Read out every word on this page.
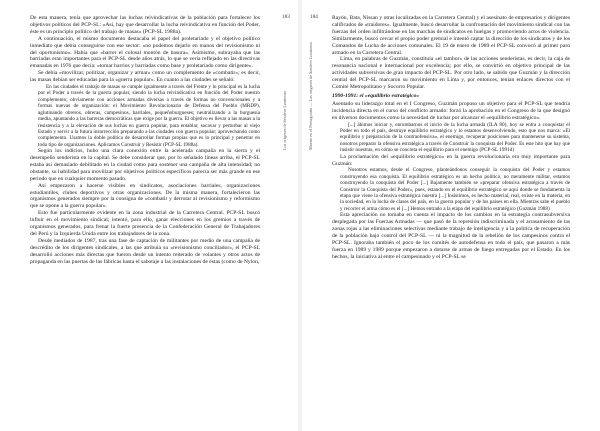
183
Los orígenes de Sendero Luminoso

De esta manera, tenía que aprovechar las luchas reivindicativas de la población para fortalecer los objetivos políticos del PCP-SL: «Así, hay que desarrollar la lucha reivindicativa en función del Poder, éste es un principio político del trabajo de masas» (PCP-SL 1988a).

A continuación, el mismo documento destacaba el papel del proletariado y el objetivo político inmediato que debía conseguirse con ese sector: «no podemos dejarlo en manos del revisionismo ni del oportunismo». Había que «barrer el colosal montón de basura». Asimismo, subrayaba que las barriadas eran importantes para el PCP-SL desde años atrás, lo que se vería reflejado en las directivas emanadas en 1976 que decía: «tomar barrios y barriadas como base y proletariado como dirigente».

Se debía «movilizar, politizar, organizar y armar» como un complemento de «combatir»; es decir, las masas debían ser educadas para la «guerra popular». En cuanto a las ciudades se señaló:

En las ciudades el trabajo de masas se cumple igualmente a través del Frente y lo principal es la lucha por el Poder a través de la guerra popular, siendo la lucha reivindicativa en función del Poder nuestro complemento; obviamente con acciones armadas diversas a través de formas no convencionales y a formas nuevas de organización: el Movimiento Revolucionario de Defensa del Pueblo (MRDP), aglutinando obreros, obreras, campesinos, barriales, pequeñoburgueses; neutralizando a la burguesía media, apuntando a las barreras democráticas que exige por la guerra. El objetivo es llevar a las masas a la resistencia y a la elevación de sus luchas en guerra popular, para entablar, socavar y perturbar al viejo Estado y servir a la futura insurrección preparando a las ciudades con guerra popular; aprovechando como complemento. Usamos la doble política de desarrollar formas propias que es lo principal y penetrar en todo tipo de organizaciones. Aplicamos Construir y Resistir (PCP-SL 1988a).

Según los indicios, hubo una clara conexión entre la acelerada campaña en la sierra y el desempeño senderista en la capital. Se debe considerar que, por lo señalado líneas arriba, el PCP-SL estaba así demasiado debilitado en la ciudad como para sostener una campaña de alta intensidad; no obstante, su habilidad para movilizar por objetivos políticos específicos parecía ser más grande en ese periodo que en cualquier momento pasado.

Así empezaron a hacerse visibles en sindicatos, asociaciones barriales, organizaciones estudiantiles, clubes deportivos y otras organizaciones. De la misma manera, fortalecieron las organismos generados siempre por la consigna de «combatir y derrotar al revisionismo y reformismo que se opone a la guerra popular».

Esto fue particularmente evidente en la zona industrial de la Carretera Central. PCP-SL buscó influir en el movimiento sindical; intentó, para ello, ganar elecciones en los gremios a través de organismos generados, para frenar la fuerte presencia de la Confederación General de Trabajadores del Perú y la Izquierda Unida entre los trabajadores de la zona.

Desde mediados de 1987, tras una fase de captación de militantes por medio de una campaña de descrédito de los dirigentes sindicales, a las que atribuía su «revisionismo conciliador», el PCP-SL desarrolló acciones más directas que fueron desde un intento reiterado de volantes y otros actos de propaganda en las puertas de las fábricas hasta el sabotaje a las instalaciones de éstas (como de Nylon,

184
Muerte en el Pentagonito — Los orígenes de Sendero Luminoso

Rayón, Bata, Nissan y otras localizadas en la Carretera Central) y el asesinato de empresarios y dirigentes calificados de «traidores». Igualmente, buscó desarrollar la confrontación del movimiento sindical con las fuerzas del orden infiltrándose en las marchas de sindicatos en huelgas y promoviendo actos de violencia. Similarmente, buscó cercar el propio poder gremial e intentó captar la dirección de los sindicatos y de los Comandos de Lucha de acciones comunales. El 19 de enero de 1989 el PCP-SL convocó al primer paro armado en la Carretera Central.

Lima, en palabras de Guzmán, constituía «el tambor» de las acciones senderistas, es decir, la caja de resonancia nacional e internacional por excelencia; por ello, se convirtió en objetivo principal de las actividades subversivas de gran impacto del PCP-SL. Por otro lado, se sabido que Guzmán y la dirección central del PCP-SL marcaron su movimiento en Lima y, por entonces, tenían enlaces directos con el Comité Metropolitano y Socorro Popular.

1990-1991: el «equilibrio estratégico»

Asentado su liderazgo total en el I Congreso, Guzmán propuso un objetivo para el PCP-SL que tendría incidencia directa en el curso del conflicto armado: forzó la aprobación en el Congreso de la que designó en diversos documentos como la necesidad de luchar por alcanzar el «equilibrio estratégico».

[...] ábimos iniciar y, enrumbarnos el inicio de la lucha armada (ILA 80), hoy se entra a conquistar el Poder en todo el país, destruye equilibrio estratégico y lo estamos desenvolviendo, esto que nos marca: «El equilibrio y preparación de la contraofensiva», el enemigo, recuperar posiciones para mantenerse su sistema, nosotros preparar la ofensiva estratégica a través de Construir la conquista del Poder. Es este hito que hay que insistir nuestras, en cómo se concreta el equilibrio para el enemigo (PCP-SL 1991d)

La proclamación del «equilibrio estratégico» en la guerra revolucionaria era muy importante para Guzmán:

Nosotros estamos, desde el Congreso, planteándonos conseguir la conquista del Poder y estamos construyendo esa conquista. El equilibrio estratégico es un hecho político, no meramente militar, estamos construyendo la conquista del Poder [...] Bajamente también se «preparar ofensiva estratégica a través de Construir la Conquista del Poder», pues, estando en el equilibrio estratégico se aquí donde se fundamenta la etapa que viene la ofensiva estratégica nuestra [...] Insistimos, es hecho material, real, existe en la materia, en la sociedad, en la lucha de clases del país, en la guerra popular y de los países en ella. Mientras sabe el pueblo y recorrer el arma cómo es el [...] Hemos entrado a la etapa del equilibrio estratégico (Guzmán 1988)

Esta apreciación no tomaba en cuenta el impacto de los cambios en la estrategia contrasubversiva desplegada por las Fuerzas Armadas — que pasó de la represión indiscriminada y el arrasamiento de las zonas rojas a las eliminaciones selectivas mediante trabajo de inteligencia y a la política de recuperación de la población bajo control del PCP-SL — ni la magnitud de la rebelión de los campesinos contra el PCP-SL. Ignoraba también el poco de los comités de autodefensa en todo el país, que pasaron a más fuerza en 1989 y 1989 porque empezaron a dotarse de armas de fuego entregadas por el Estado. En los hechos, la iniciativa al entre el campesinado y el PCP-SL se
